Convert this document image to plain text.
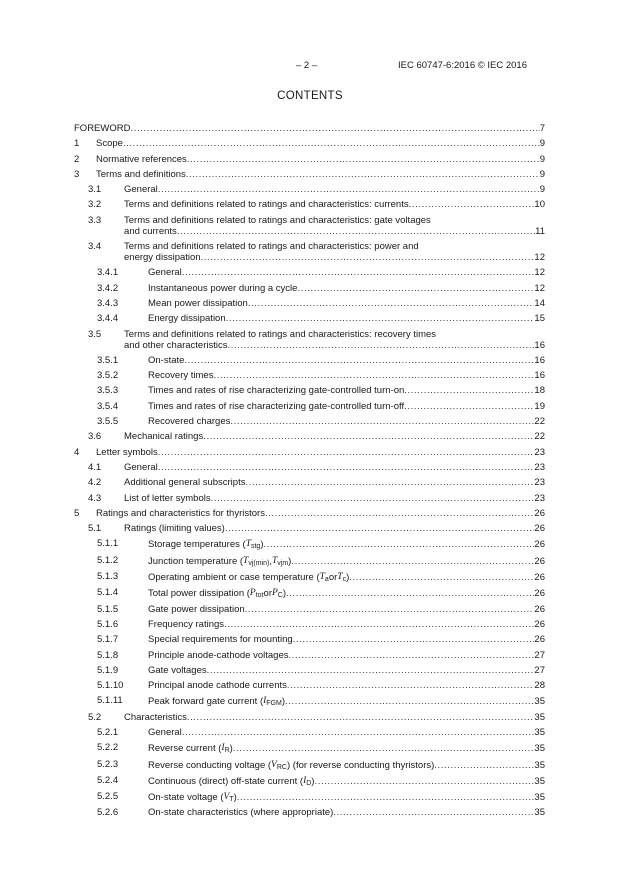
– 2 –	IEC 60747-6:2016 © IEC 2016
CONTENTS
FOREWORD .....	7
1 Scope .....	9
2 Normative references .....	9
3 Terms and definitions .....	9
3.1 General .....	9
3.2 Terms and definitions related to ratings and characteristics: currents .....	10
3.3 Terms and definitions related to ratings and characteristics: gate voltages
and currents .....	11
3.4 Terms and definitions related to ratings and characteristics: power and
energy dissipation .....	12
3.4.1	General .....	12
3.4.2	Instantaneous power during a cycle .....	12
3.4.3	Mean power dissipation .....	14
3.4.4	Energy dissipation .....	15
3.5 Terms and definitions related to ratings and characteristics: recovery times
and other characteristics .....	16
3.5.1	On-state .....	16
3.5.2	Recovery times .....	16
3.5.3	Times and rates of rise characterizing gate-controlled turn-on .....	18
3.5.4	Times and rates of rise characterizing gate-controlled turn-off .....	19
3.5.5	Recovered charges .....	22
3.6 Mechanical ratings .....	22
4 Letter symbols .....	23
4.1 General .....	23
4.2 Additional general subscripts .....	23
4.3 List of letter symbols .....	23
5 Ratings and characteristics for thyristors .....	26
5.1 Ratings (limiting values) .....	26
5.1.1	Storage temperatures ( $T_{stg}$ ) .....	26
5.1.2	Junction temperature ( $T_{vj(min)}$ , $T_{vjm}$ ) .....	26
5.1.3	Operating ambient or case temperature ( $T_a$ or $T_c$ ) .....	26
5.1.4	Total power dissipation ( $P_{tot}$ or $P_C$ ) .....	26
5.1.5	Gate power dissipation .....	26
5.1.6	Frequency ratings .....	26
5.1.7	Special requirements for mounting .....	26
5.1.8	Principle anode-cathode voltages .....	27
5.1.9	Gate voltages .....	27
5.1.10	Principal anode cathode currents .....	28
5.1.11	Peak forward gate current ( $I_{FGM}$ ) .....	35
5.2 Characteristics .....	35
5.2.1	General .....	35
5.2.2	Reverse current ( $I_R$ ) .....	35
5.2.3	Reverse conducting voltage ( $V_{RC}$ ) (for reverse conducting thyristors) .....	35
5.2.4	Continuous (direct) off-state current ( $I_D$ ) .....	35
5.2.5	On-state voltage ( $V_T$ ) .....	35
5.2.6	On-state characteristics (where appropriate) .....	35
